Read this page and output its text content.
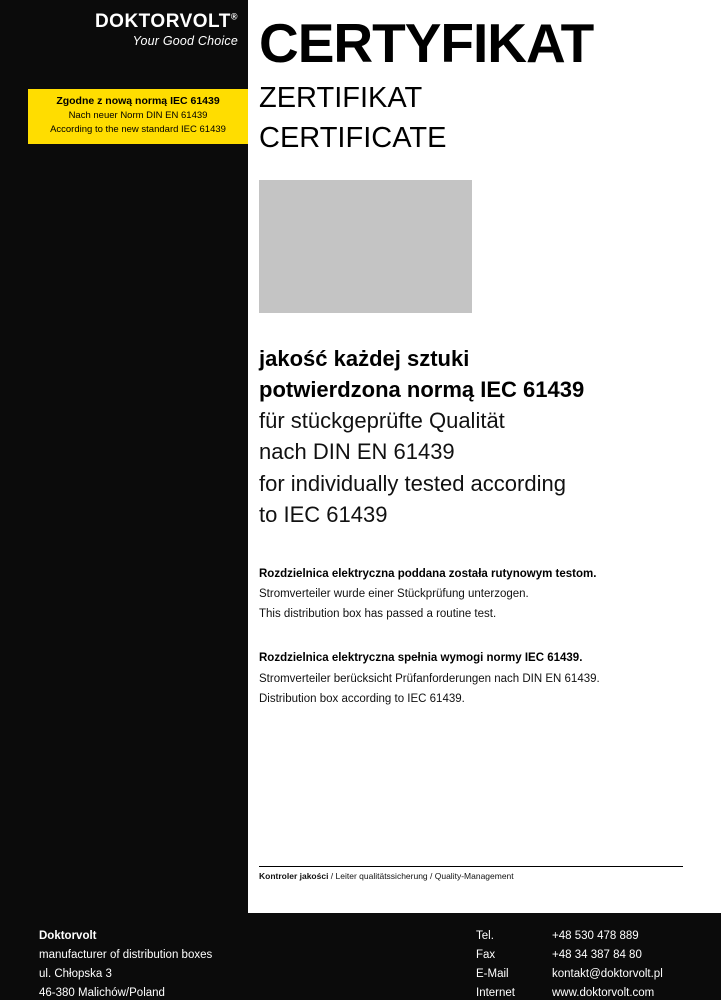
DOKTORVOLT®
Your Good Choice
Zgodne z nową normą IEC 61439
Nach neuer Norm DIN EN 61439
According to the new standard IEC 61439
CERTYFIKAT
ZERTIFIKAT
CERTIFICATE
jakość każdej sztuki
potwierdzona normą IEC 61439
für stückgeprüfte Qualität
nach DIN EN 61439
for individually tested according
to IEC 61439
Rozdzielnica elektryczna poddana została rutynowym testom.
Stromverteiler wurde einer Stückprüfung unterzogen.
This distribution box has passed a routine test.
Rozdzielnica elektryczna spełnia wymogi normy IEC 61439.
Stromverteiler berücksicht Prüfanforderungen nach DIN EN 61439.
Distribution box according to IEC 61439.
Kontroler jakości / Leiter qualitätssicherung / Quality-Management
Doktorvolt
manufacturer of distribution boxes
ul. Chłopska 3
46-380 Malichów/Poland
Tel.	+48 530 478 889
Fax	+48 34 387 84 80
E-Mail	kontakt@doktorvolt.pl
Internet	www.doktorvolt.com
